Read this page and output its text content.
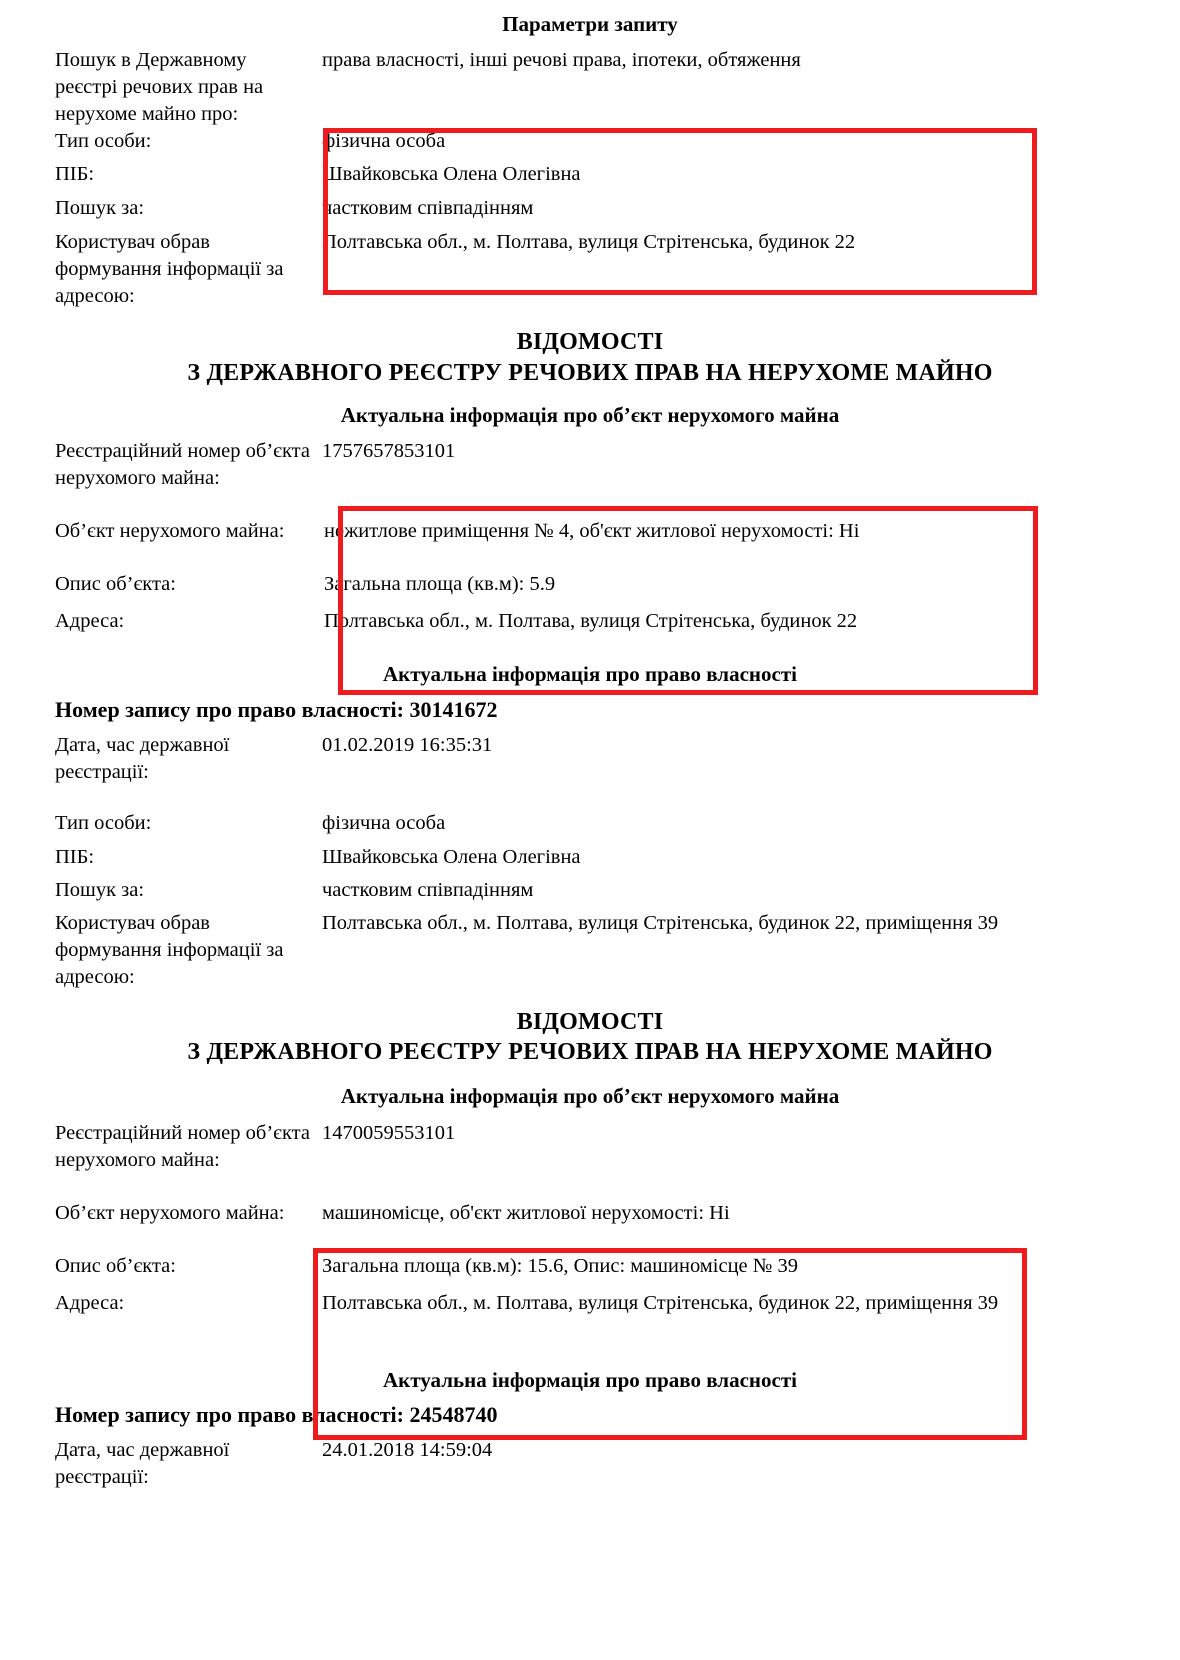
Параметри запиту
Пошук в Державному реєстрі речових прав на нерухоме майно про:
права власності, інші речові права, іпотеки, обтяження
Тип особи:	фізична особа
ПІБ:	Швайковська Олена Олегівна
Пошук за:	частковим співпадінням
Користувач обрав формування інформації за адресою:
Полтавська обл., м. Полтава, вулиця Стрітенська, будинок 22
ВІДОМОСТІ
З ДЕРЖАВНОГО РЕЄСТРУ РЕЧОВИХ ПРАВ НА НЕРУХОМЕ МАЙНО
Актуальна інформація про об’єкт нерухомого майна
Реєстраційний номер об’єкта нерухомого майна:
1757657853101
Об’єкт нерухомого майна:	нежитлове приміщення № 4, об'єкт житлової нерухомості: Ні
Опис об’єкта:	Загальна площа (кв.м): 5.9
Адреса:	Полтавська обл., м. Полтава, вулиця Стрітенська, будинок 22
Актуальна інформація про право власності
Номер запису про право власності: 30141672
Дата, час державної реєстрації:
01.02.2019 16:35:31
Тип особи:	фізична особа
ПІБ:	Швайковська Олена Олегівна
Пошук за:	частковим співпадінням
Користувач обрав формування інформації за адресою:
Полтавська обл., м. Полтава, вулиця Стрітенська, будинок 22, приміщення 39
ВІДОМОСТІ
З ДЕРЖАВНОГО РЕЄСТРУ РЕЧОВИХ ПРАВ НА НЕРУХОМЕ МАЙНО
Актуальна інформація про об’єкт нерухомого майна
Реєстраційний номер об’єкта нерухомого майна:
1470059553101
Об’єкт нерухомого майна:	машиномісце, об'єкт житлової нерухомості: Ні
Опис об’єкта:	Загальна площа (кв.м): 15.6, Опис: машиномісце № 39
Адреса:	Полтавська обл., м. Полтава, вулиця Стрітенська, будинок 22, приміщення 39
Актуальна інформація про право власності
Номер запису про право власності: 24548740
Дата, час державної реєстрації:
24.01.2018 14:59:04
